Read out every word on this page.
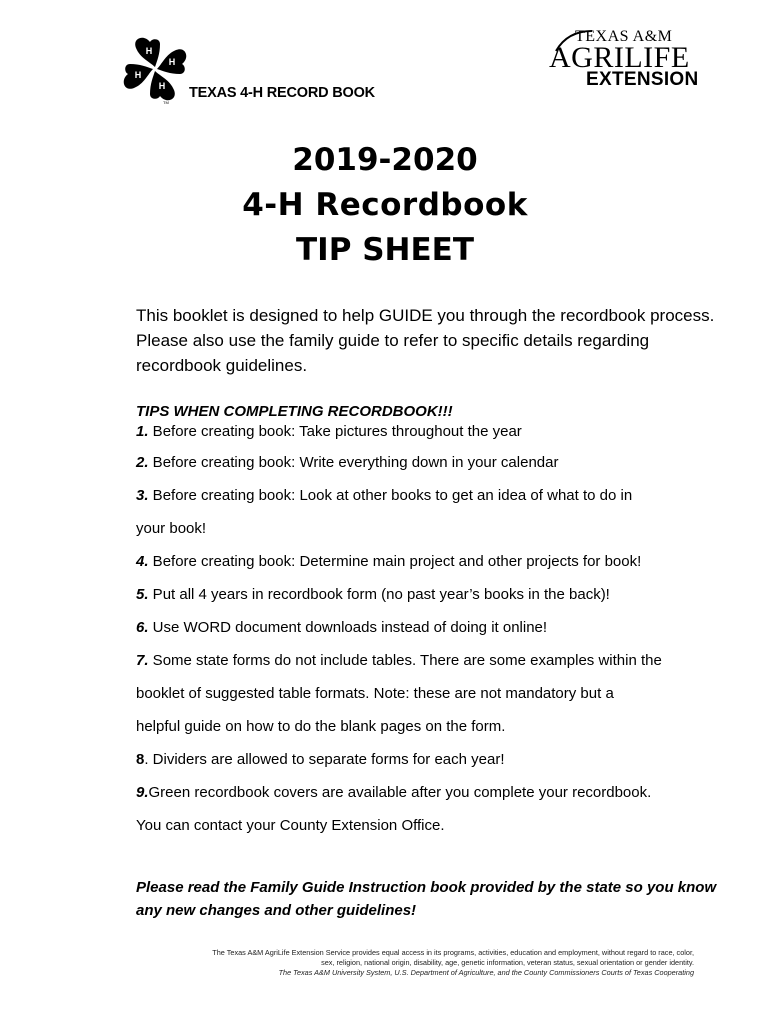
H
H
H
H
TM
TEXAS 4-H RECORD BOOK
TEXAS A&M
AGRILIFE
EXTENSION
2019-2020
4-H Recordbook
TIP SHEET
This booklet is designed to help GUIDE you through the recordbook process. Please also use the family guide to refer to specific details regarding recordbook guidelines.

TIPS WHEN COMPLETING RECORDBOOK!!!

1. Before creating book: Take pictures throughout the year
2. Before creating book: Write everything down in your calendar
3. Before creating book: Look at other books to get an idea of what to do in
your book!
4. Before creating book: Determine main project and other projects for book!
5. Put all 4 years in recordbook form (no past year’s books in the back)!
6. Use WORD document downloads instead of doing it online!
7. Some state forms do not include tables. There are some examples within the
booklet of suggested table formats. Note: these are not mandatory but a
helpful guide on how to do the blank pages on the form.
8. Dividers are allowed to separate forms for each year!
9.Green recordbook covers are available after you complete your recordbook.
You can contact your County Extension Office.
Please read the Family Guide Instruction book provided by the state so you know any new changes and other guidelines!
The Texas A&M AgriLife Extension Service provides equal access in its programs, activities, education and employment, without regard to race, color,
sex, religion, national origin, disability, age, genetic information, veteran status, sexual orientation or gender identity.
The Texas A&M University System, U.S. Department of Agriculture, and the County Commissioners Courts of Texas Cooperating
